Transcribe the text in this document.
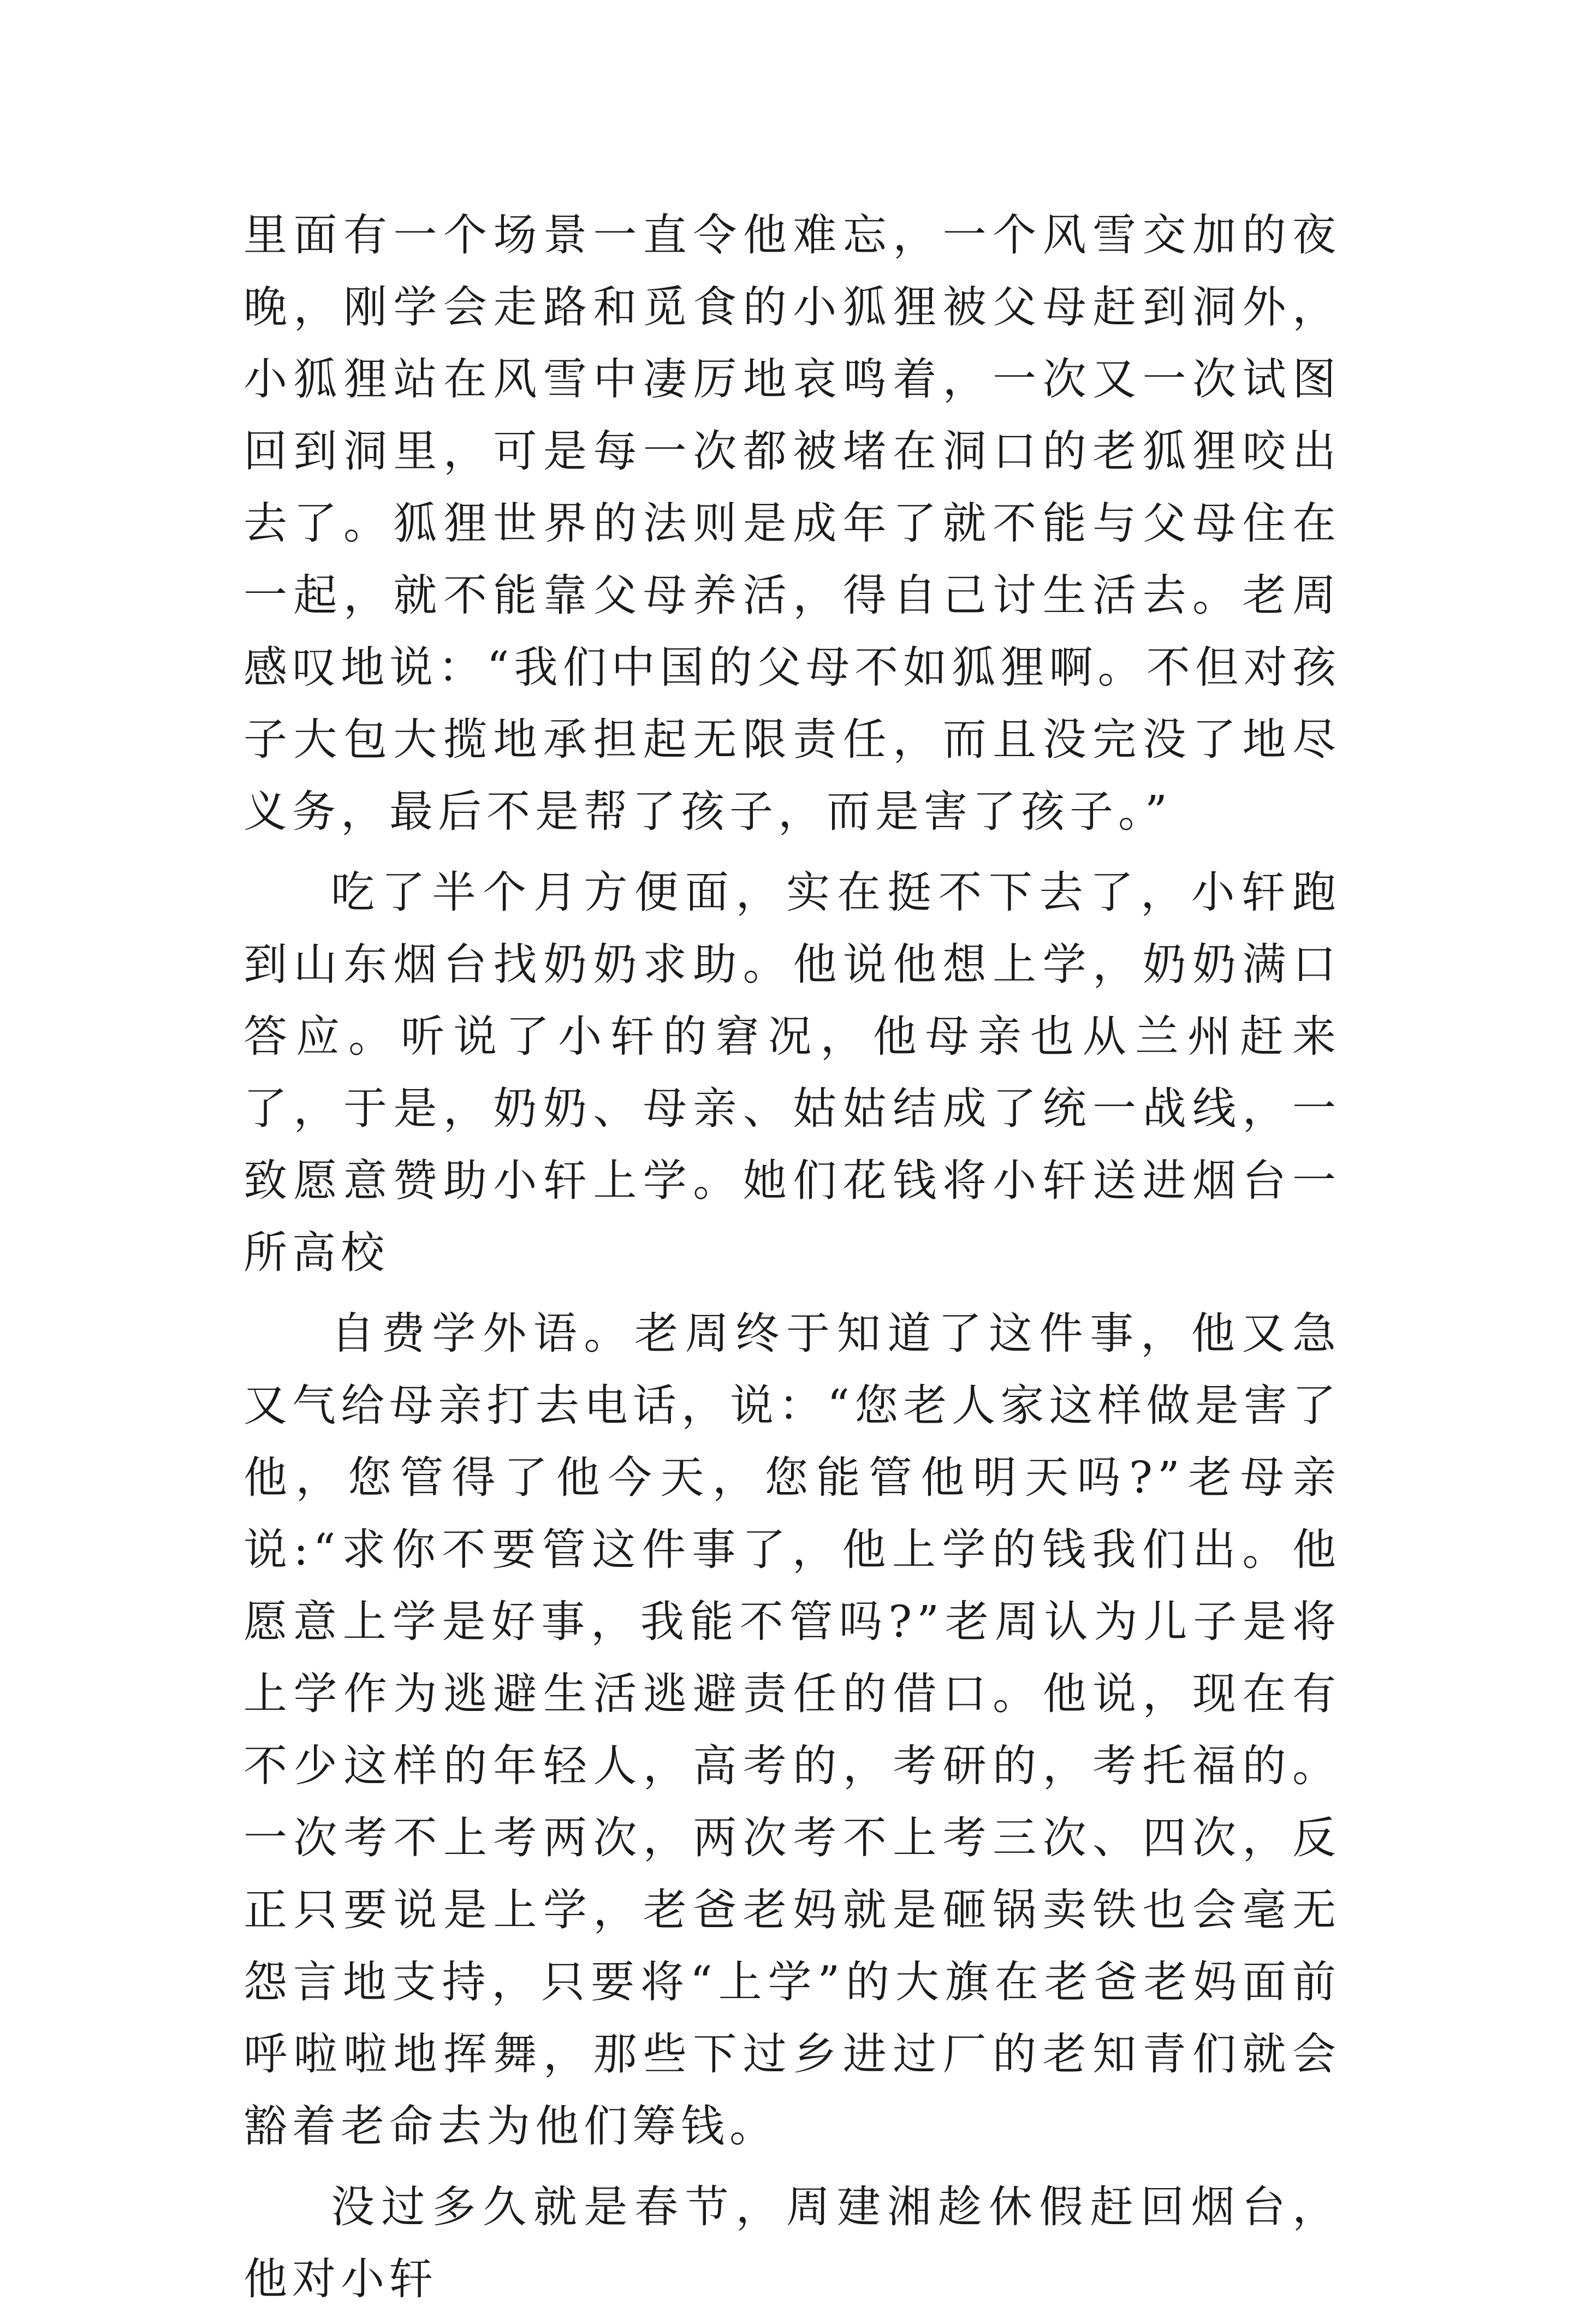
里面有一个场景一直令他难忘，一个风雪交加的夜晚，刚学会走路和觅食的小狐狸被父母赶到洞外，小狐狸站在风雪中凄厉地哀鸣着，一次又一次试图回到洞里，可是每一次都被堵在洞口的老狐狸咬出去了。狐狸世界的法则是成年了就不能与父母住在一起，就不能靠父母养活，得自己讨生活去。老周感叹地说：“我们中国的父母不如狐狸啊。不但对孩子大包大揽地承担起无限责任，而且没完没了地尽义务，最后不是帮了孩子，而是害了孩子。”

吃了半个月方便面，实在挺不下去了，小轩跑到山东烟台找奶奶求助。他说他想上学，奶奶满口答应。听说了小轩的窘况，他母亲也从兰州赶来了，于是，奶奶、母亲、姑姑结成了统一战线，一致愿意赞助小轩上学。她们花钱将小轩送进烟台一所高校

自费学外语。老周终于知道了这件事，他又急又气给母亲打去电话，说：“您老人家这样做是害了他，您管得了他今天，您能管他明天吗?”老母亲说:“求你不要管这件事了，他上学的钱我们出。他愿意上学是好事，我能不管吗?”老周认为儿子是将上学作为逃避生活逃避责任的借口。他说，现在有不少这样的年轻人，高考的，考研的，考托福的。一次考不上考两次，两次考不上考三次、四次，反正只要说是上学，老爸老妈就是砸锅卖铁也会毫无怨言地支持，只要将“上学”的大旗在老爸老妈面前呼啦啦地挥舞，那些下过乡进过厂的老知青们就会豁着老命去为他们筹钱。

没过多久就是春节，周建湘趁休假赶回烟台，他对小轩
